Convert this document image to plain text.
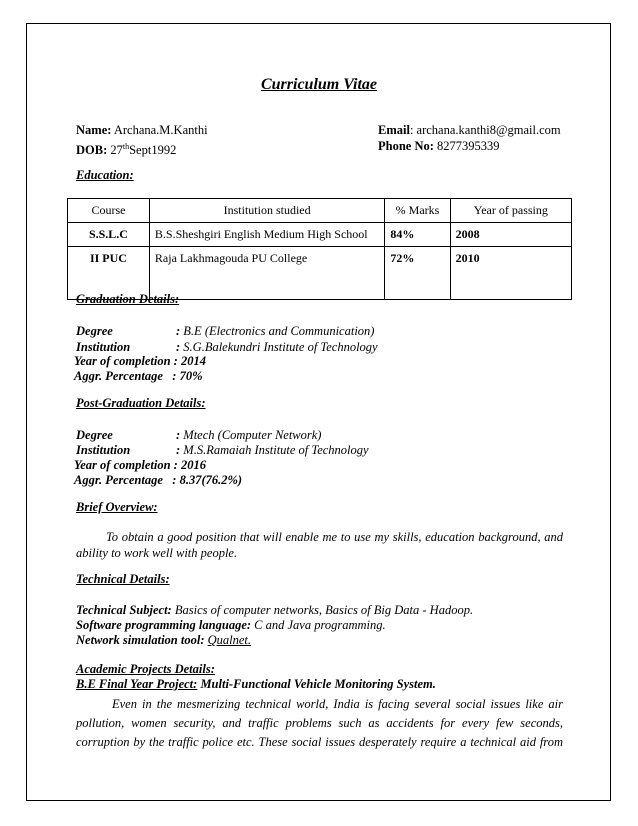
Curriculum Vitae
Name: Archana.M.Kanthi
DOB: 27thSept1992
Email: archana.kanthi8@gmail.com
Phone No: 8277395339
Education:
Course	Institution studied	% Marks	Year of passing
S.S.L.C	B.S.Sheshgiri English Medium High School	84%	2008
II PUC	Raja Lakhmagouda PU College	72%	2010
Graduation Details:
Degree	: B.E (Electronics and Communication)
Institution	: S.G.Balekundri Institute of Technology
Year of completion : 2014
Aggr. Percentage : 70%
Post-Graduation Details:
Degree	: Mtech (Computer Network)
Institution	: M.S.Ramaiah Institute of Technology
Year of completion : 2016
Aggr. Percentage : 8.37(76.2%)
Brief Overview:
To obtain a good position that will enable me to use my skills, education background, and
ability to work well with people.
Technical Details:
Technical Subject: Basics of computer networks, Basics of Big Data - Hadoop.
Software programming language: C and Java programming.
Network simulation tool: Qualnet.
Academic Projects Details:
B.E Final Year Project: Multi-Functional Vehicle Monitoring System.
Even in the mesmerizing technical world, India is facing several social issues like air
pollution, women security, and traffic problems such as accidents for every few seconds,
corruption by the traffic police etc. These social issues desperately require a technical aid from
